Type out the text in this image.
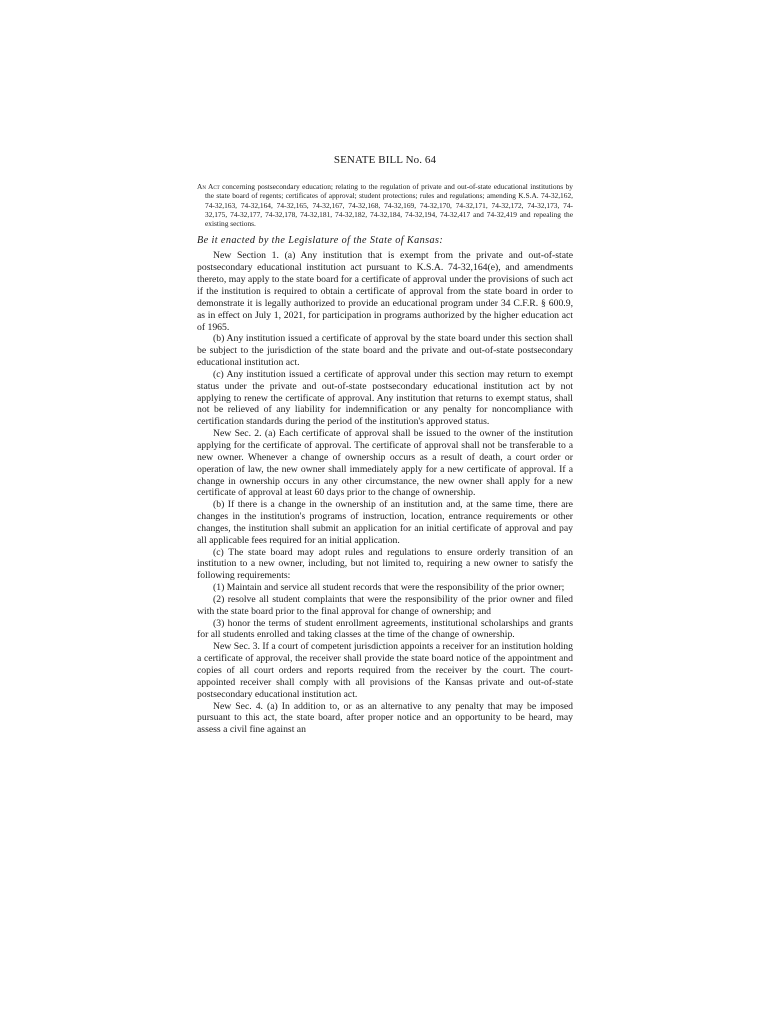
SENATE BILL No. 64

An Act concerning postsecondary education; relating to the regulation of private and out-of-state educational institutions by the state board of regents; certificates of approval; student protections; rules and regulations; amending K.S.A. 74-32,162, 74-32,163, 74-32,164, 74-32,165, 74-32,167, 74-32,168, 74-32,169, 74-32,170, 74-32,171, 74-32,172, 74-32,173, 74-32,175, 74-32,177, 74-32,178, 74-32,181, 74-32,182, 74-32,184, 74-32,194, 74-32,417 and 74-32,419 and repealing the existing sections.

Be it enacted by the Legislature of the State of Kansas:

New Section 1. (a) Any institution that is exempt from the private and out-of-state postsecondary educational institution act pursuant to K.S.A. 74-32,164(e), and amendments thereto, may apply to the state board for a certificate of approval under the provisions of such act if the institution is required to obtain a certificate of approval from the state board in order to demonstrate it is legally authorized to provide an educational program under 34 C.F.R. § 600.9, as in effect on July 1, 2021, for participation in programs authorized by the higher education act of 1965.

(b) Any institution issued a certificate of approval by the state board under this section shall be subject to the jurisdiction of the state board and the private and out-of-state postsecondary educational institution act.

(c) Any institution issued a certificate of approval under this section may return to exempt status under the private and out-of-state postsecondary educational institution act by not applying to renew the certificate of approval. Any institution that returns to exempt status, shall not be relieved of any liability for indemnification or any penalty for noncompliance with certification standards during the period of the institution's approved status.

New Sec. 2. (a) Each certificate of approval shall be issued to the owner of the institution applying for the certificate of approval. The certificate of approval shall not be transferable to a new owner. Whenever a change of ownership occurs as a result of death, a court order or operation of law, the new owner shall immediately apply for a new certificate of approval. If a change in ownership occurs in any other circumstance, the new owner shall apply for a new certificate of approval at least 60 days prior to the change of ownership.

(b) If there is a change in the ownership of an institution and, at the same time, there are changes in the institution's programs of instruction, location, entrance requirements or other changes, the institution shall submit an application for an initial certificate of approval and pay all applicable fees required for an initial application.

(c) The state board may adopt rules and regulations to ensure orderly transition of an institution to a new owner, including, but not limited to, requiring a new owner to satisfy the following requirements:

(1) Maintain and service all student records that were the responsibility of the prior owner;

(2) resolve all student complaints that were the responsibility of the prior owner and filed with the state board prior to the final approval for change of ownership; and

(3) honor the terms of student enrollment agreements, institutional scholarships and grants for all students enrolled and taking classes at the time of the change of ownership.

New Sec. 3. If a court of competent jurisdiction appoints a receiver for an institution holding a certificate of approval, the receiver shall provide the state board notice of the appointment and copies of all court orders and reports required from the receiver by the court. The court-appointed receiver shall comply with all provisions of the Kansas private and out-of-state postsecondary educational institution act.

New Sec. 4. (a) In addition to, or as an alternative to any penalty that may be imposed pursuant to this act, the state board, after proper notice and an opportunity to be heard, may assess a civil fine against an
